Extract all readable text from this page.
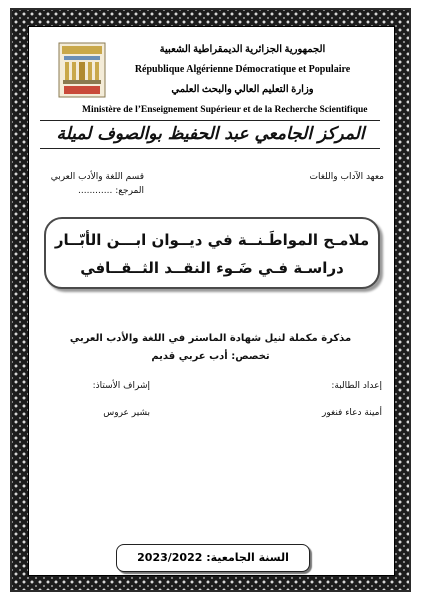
الجمهورية الجزائرية الديمقراطية الشعبية
République Algérienne Démocratique et Populaire
وزارة التعليم العالي والبحث العلمي
Ministère de l’Enseignement Supérieur et de la Recherche Scientifique
المركز الجامعي عبد الحفيظ بوالصوف لميلة
قسم اللغة والأدب العربي
المرجع: ............
معهد الآداب واللغات
ملامـح المواطَـنــة في ديــوان ابـــن الأبّــار
دراسـة فـي ضَـوء النقــد الثــقــافي
مذكرة مكملة لنيل شهادة الماستر في اللغة والأدب العربي
تخصص: أدب عربي قديم
إعداد الطالبة:
أمينة دعاء فنغور
إشراف الأستاذ:
بشير عروس
السنة الجامعية: 2023/2022
